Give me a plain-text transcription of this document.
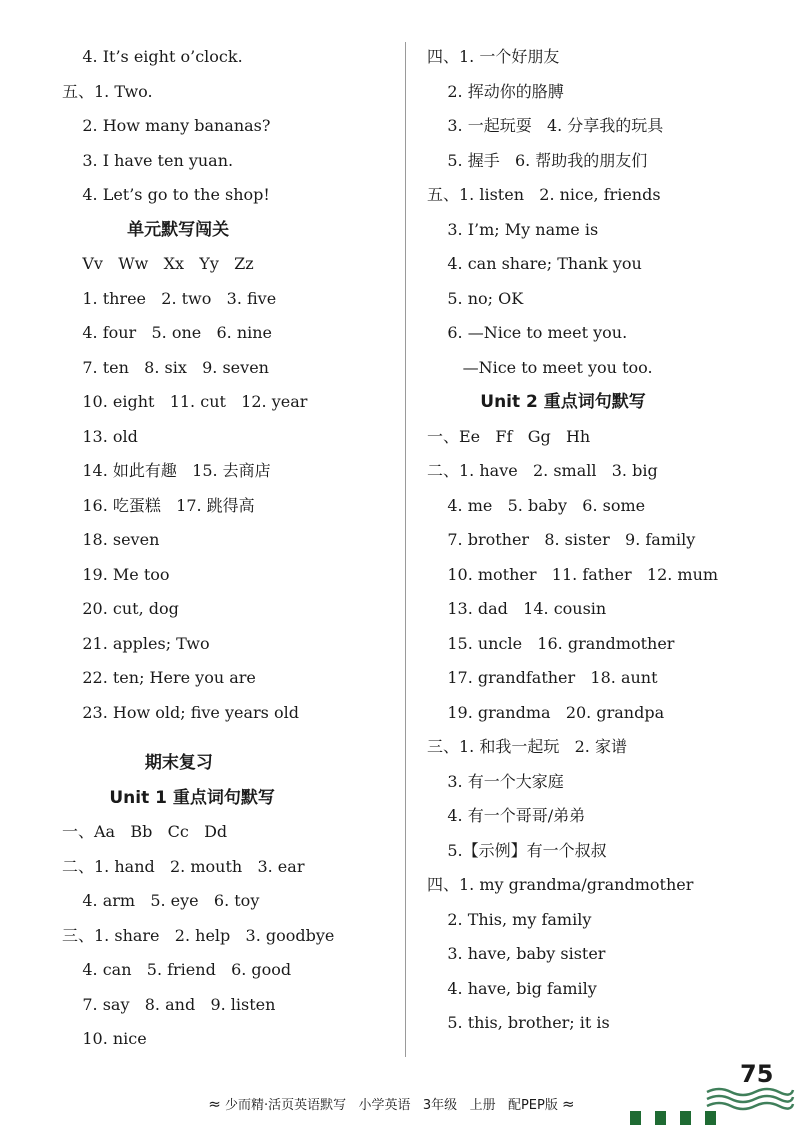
4. It’s eight o’clock.
五、1. Two.
2. How many bananas?
3. I have ten yuan.
4. Let’s go to the shop!
单元默写闯关
Vv   Ww   Xx   Yy   Zz
1. three   2. two   3. five
4. four   5. one   6. nine
7. ten   8. six   9. seven
10. eight   11. cut   12. year
13. old
14. 如此有趣   15. 去商店
16. 吃蛋糕   17. 跳得高
18. seven
19. Me too
20. cut, dog
21. apples; Two
22. ten; Here you are
23. How old; five years old
期末复习
Unit 1 重点词句默写
一、Aa   Bb   Cc   Dd
二、1. hand   2. mouth   3. ear
4. arm   5. eye   6. toy
三、1. share   2. help   3. goodbye
4. can   5. friend   6. good
7. say   8. and   9. listen
10. nice
四、1. 一个好朋友
2. 挥动你的胳膊
3. 一起玩耍   4. 分享我的玩具
5. 握手   6. 帮助我的朋友们
五、1. listen   2. nice, friends
3. I’m; My name is
4. can share; Thank you
5. no; OK
6. —Nice to meet you.
—Nice to meet you too.
Unit 2 重点词句默写
一、Ee   Ff   Gg   Hh
二、1. have   2. small   3. big
4. me   5. baby   6. some
7. brother   8. sister   9. family
10. mother   11. father   12. mum
13. dad   14. cousin
15. uncle   16. grandmother
17. grandfather   18. aunt
19. grandma   20. grandpa
三、1. 和我一起玩   2. 家谱
3. 有一个大家庭
4. 有一个哥哥/弟弟
5.【示例】有一个叔叔
四、1. my grandma/grandmother
2. This, my family
3. have, baby sister
4. have, big family
5. this, brother; it is

≈ 少而精·活页英语默写   小学英语   3年级   上册   配PEP版 ≈

75
